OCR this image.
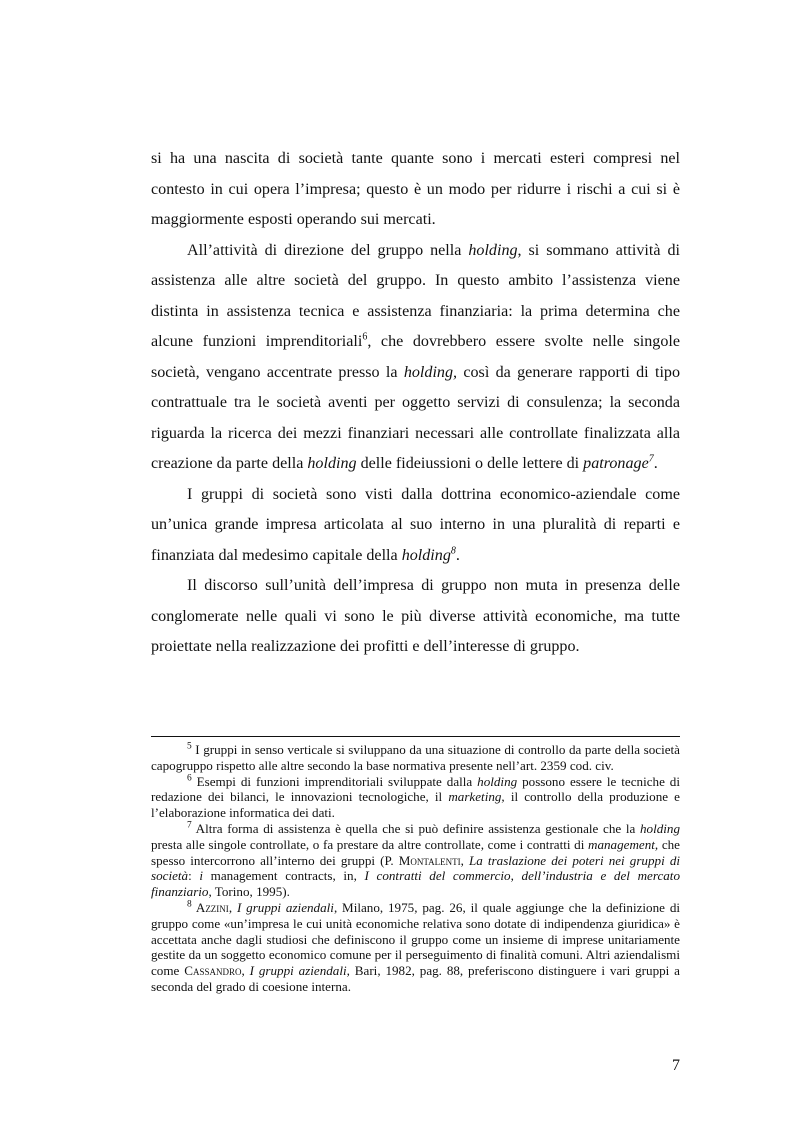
si ha una nascita di società tante quante sono i mercati esteri compresi nel contesto in cui opera l’impresa; questo è un modo per ridurre i rischi a cui si è maggiormente esposti operando sui mercati.

All’attività di direzione del gruppo nella holding, si sommano attività di assistenza alle altre società del gruppo. In questo ambito l’assistenza viene distinta in assistenza tecnica e assistenza finanziaria: la prima determina che alcune funzioni imprenditoriali$^6$, che dovrebbero essere svolte nelle singole società, vengano accentrate presso la holding, così da generare rapporti di tipo contrattuale tra le società aventi per oggetto servizi di consulenza; la seconda riguarda la ricerca dei mezzi finanziari necessari alle controllate finalizzata alla creazione da parte della holding delle fideiussioni o delle lettere di patronage$^7$.

I gruppi di società sono visti dalla dottrina economico-aziendale come un’unica grande impresa articolata al suo interno in una pluralità di reparti e finanziata dal medesimo capitale della holding$^8$.

Il discorso sull’unità dell’impresa di gruppo non muta in presenza delle conglomerate nelle quali vi sono le più diverse attività economiche, ma tutte proiettate nella realizzazione dei profitti e dell’interesse di gruppo.

$^5$ I gruppi in senso verticale si sviluppano da una situazione di controllo da parte della società capogruppo rispetto alle altre secondo la base normativa presente nell’art. 2359 cod. civ.

$^6$ Esempi di funzioni imprenditoriali sviluppate dalla holding possono essere le tecniche di redazione dei bilanci, le innovazioni tecnologiche, il marketing, il controllo della produzione e l’elaborazione informatica dei dati.

$^7$ Altra forma di assistenza è quella che si può definire assistenza gestionale che la holding presta alle singole controllate, o fa prestare da altre controllate, come i contratti di management, che spesso intercorrono all’interno dei gruppi (P. Montalenti, La traslazione dei poteri nei gruppi di società: i management contracts, in, I contratti del commercio, dell’industria e del mercato finanziario, Torino, 1995).

$^8$ Azzini, I gruppi aziendali, Milano, 1975, pag. 26, il quale aggiunge che la definizione di gruppo come «un’impresa le cui unità economiche relativa sono dotate di indipendenza giuridica» è accettata anche dagli studiosi che definiscono il gruppo come un insieme di imprese unitariamente gestite da un soggetto economico comune per il perseguimento di finalità comuni. Altri aziendalismi come Cassandro, I gruppi aziendali, Bari, 1982, pag. 88, preferiscono distinguere i vari gruppi a seconda del grado di coesione interna.

7
